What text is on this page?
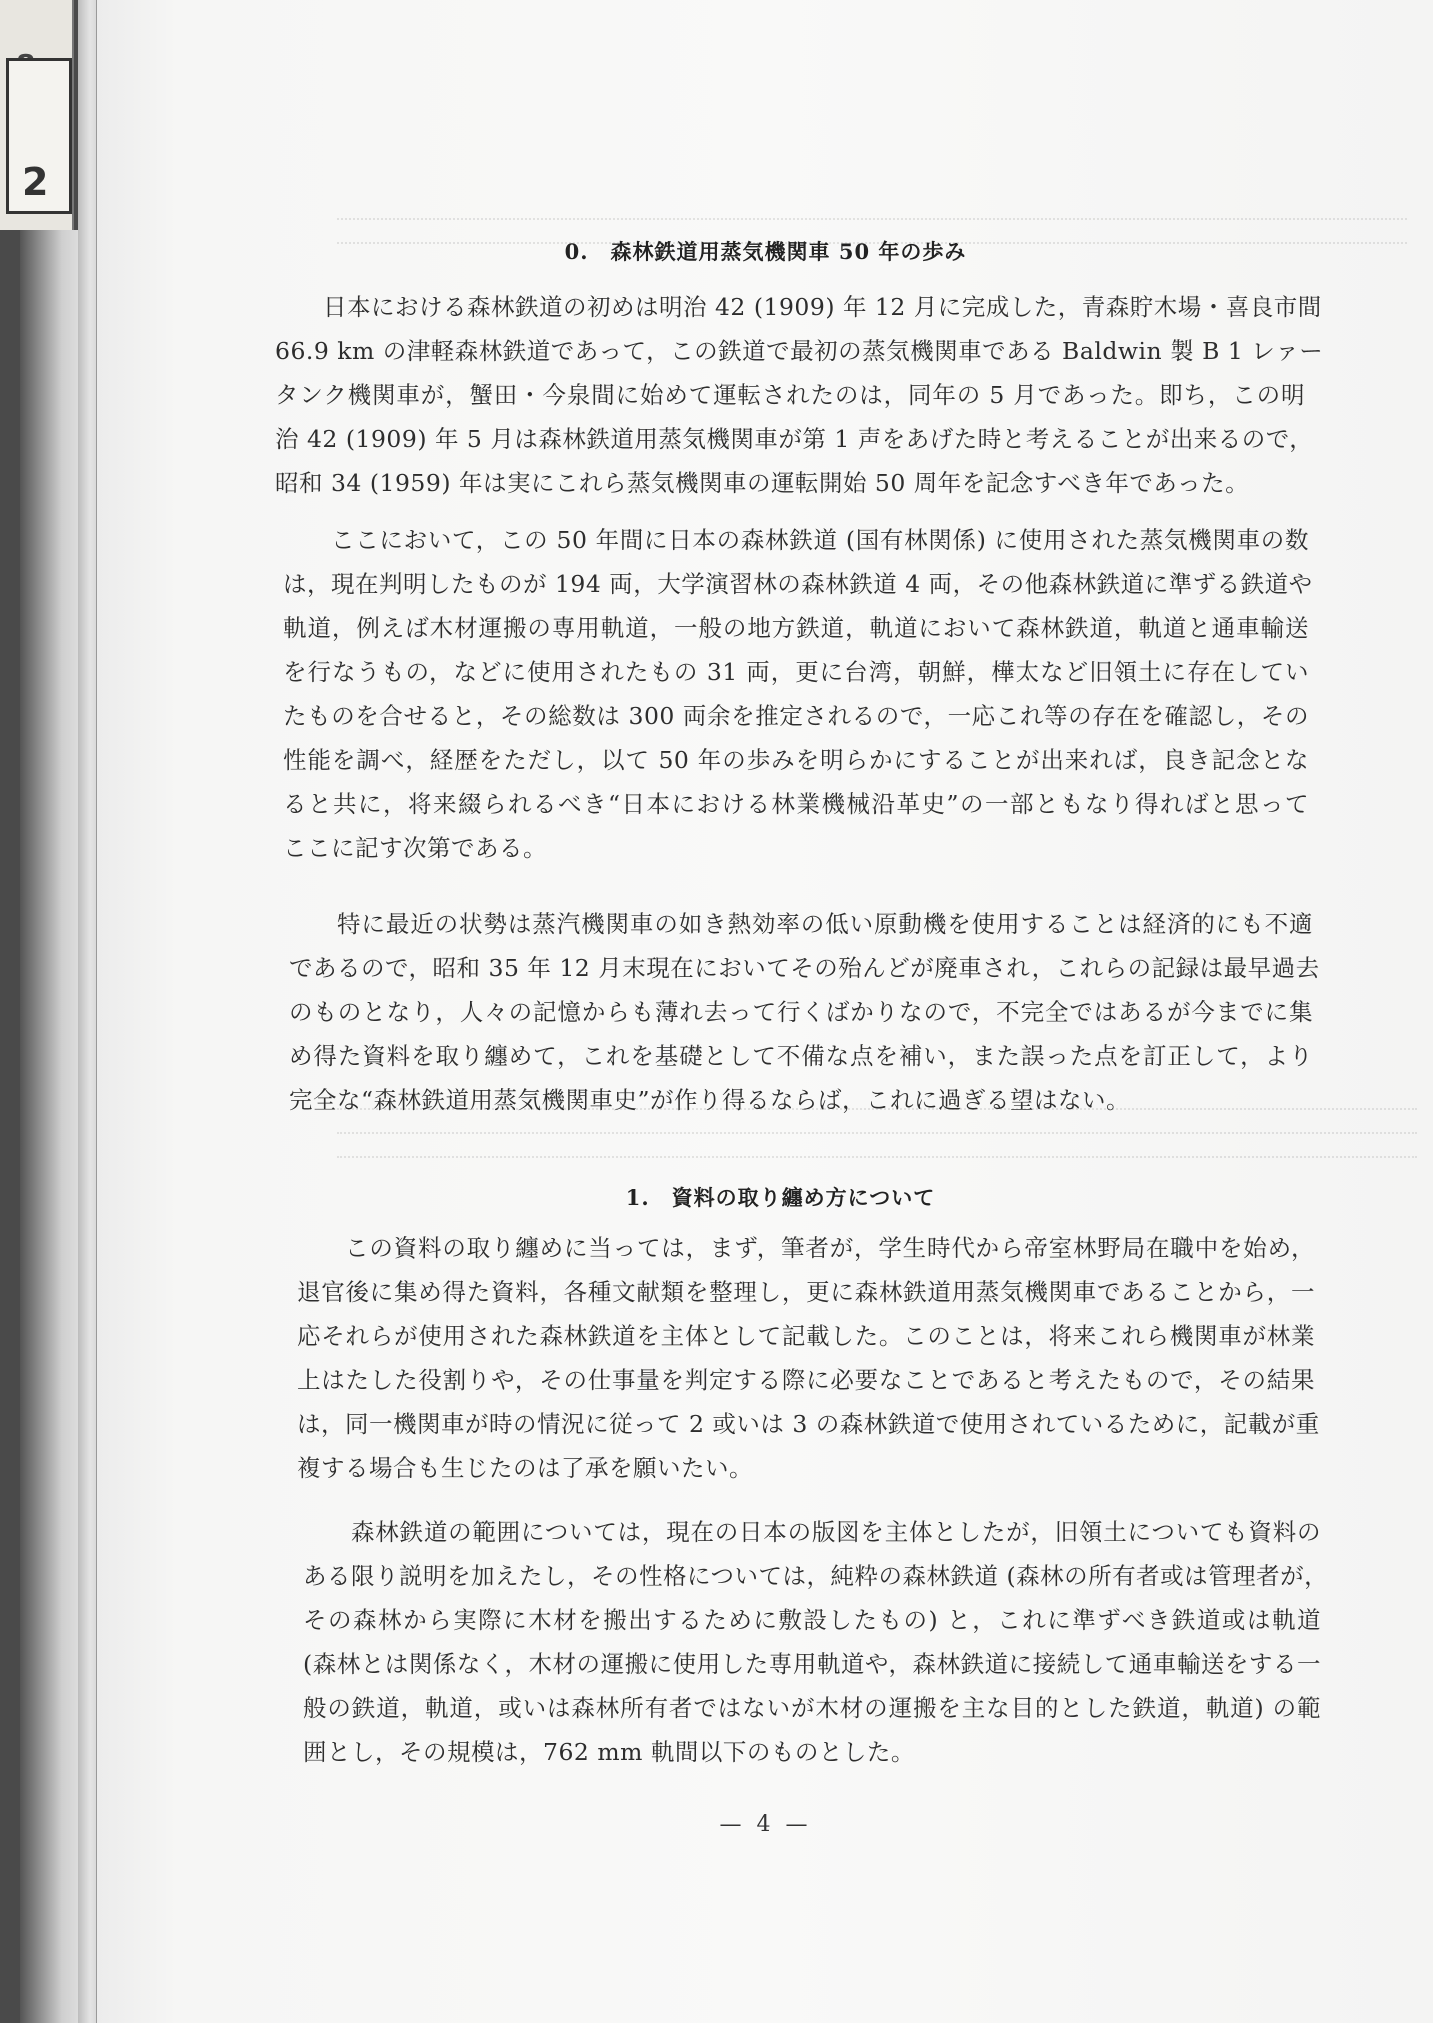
2
0. 森林鉄道用蒸気機関車 50 年の歩み
日本における森林鉄道の初めは明治 42 (1909) 年 12 月に完成した，青森貯木場・喜良市間
66.9 km の津軽森林鉄道であって，この鉄道で最初の蒸気機関車である Baldwin 製 B 1 レァー
タンク機関車が，蟹田・今泉間に始めて運転されたのは，同年の 5 月であった。即ち，この明
治 42 (1909) 年 5 月は森林鉄道用蒸気機関車が第 1 声をあげた時と考えることが出来るので，
昭和 34 (1959) 年は実にこれら蒸気機関車の運転開始 50 周年を記念すべき年であった。
ここにおいて，この 50 年間に日本の森林鉄道 (国有林関係) に使用された蒸気機関車の数
は，現在判明したものが 194 両，大学演習林の森林鉄道 4 両，その他森林鉄道に準ずる鉄道や
軌道，例えば木材運搬の専用軌道，一般の地方鉄道，軌道において森林鉄道，軌道と通車輸送
を行なうもの，などに使用されたもの 31 両，更に台湾，朝鮮，樺太など旧領土に存在してい
たものを合せると，その総数は 300 両余を推定されるので，一応これ等の存在を確認し，その
性能を調べ，経歴をただし，以て 50 年の歩みを明らかにすることが出来れば，良き記念とな
ると共に，将来綴られるべき“日本における林業機械沿革史”の一部ともなり得ればと思って
ここに記す次第である。
特に最近の状勢は蒸汽機関車の如き熱効率の低い原動機を使用することは経済的にも不適
であるので，昭和 35 年 12 月末現在においてその殆んどが廃車され，これらの記録は最早過去
のものとなり，人々の記憶からも薄れ去って行くばかりなので，不完全ではあるが今までに集
め得た資料を取り纏めて，これを基礎として不備な点を補い，また誤った点を訂正して，より
完全な“森林鉄道用蒸気機関車史”が作り得るならば，これに過ぎる望はない。
1. 資料の取り纏め方について
この資料の取り纏めに当っては，まず，筆者が，学生時代から帝室林野局在職中を始め，
退官後に集め得た資料，各種文献類を整理し，更に森林鉄道用蒸気機関車であることから，一
応それらが使用された森林鉄道を主体として記載した。このことは，将来これら機関車が林業
上はたした役割りや，その仕事量を判定する際に必要なことであると考えたもので，その結果
は，同一機関車が時の情況に従って 2 或いは 3 の森林鉄道で使用されているために，記載が重
複する場合も生じたのは了承を願いたい。
森林鉄道の範囲については，現在の日本の版図を主体としたが，旧領土についても資料の
ある限り説明を加えたし，その性格については，純粋の森林鉄道 (森林の所有者或は管理者が，
その森林から実際に木材を搬出するために敷設したもの) と，これに準ずべき鉄道或は軌道
(森林とは関係なく，木材の運搬に使用した専用軌道や，森林鉄道に接続して通車輸送をする一
般の鉄道，軌道，或いは森林所有者ではないが木材の運搬を主な目的とした鉄道，軌道) の範
囲とし，その規模は，762 mm 軌間以下のものとした。
— 4 —
